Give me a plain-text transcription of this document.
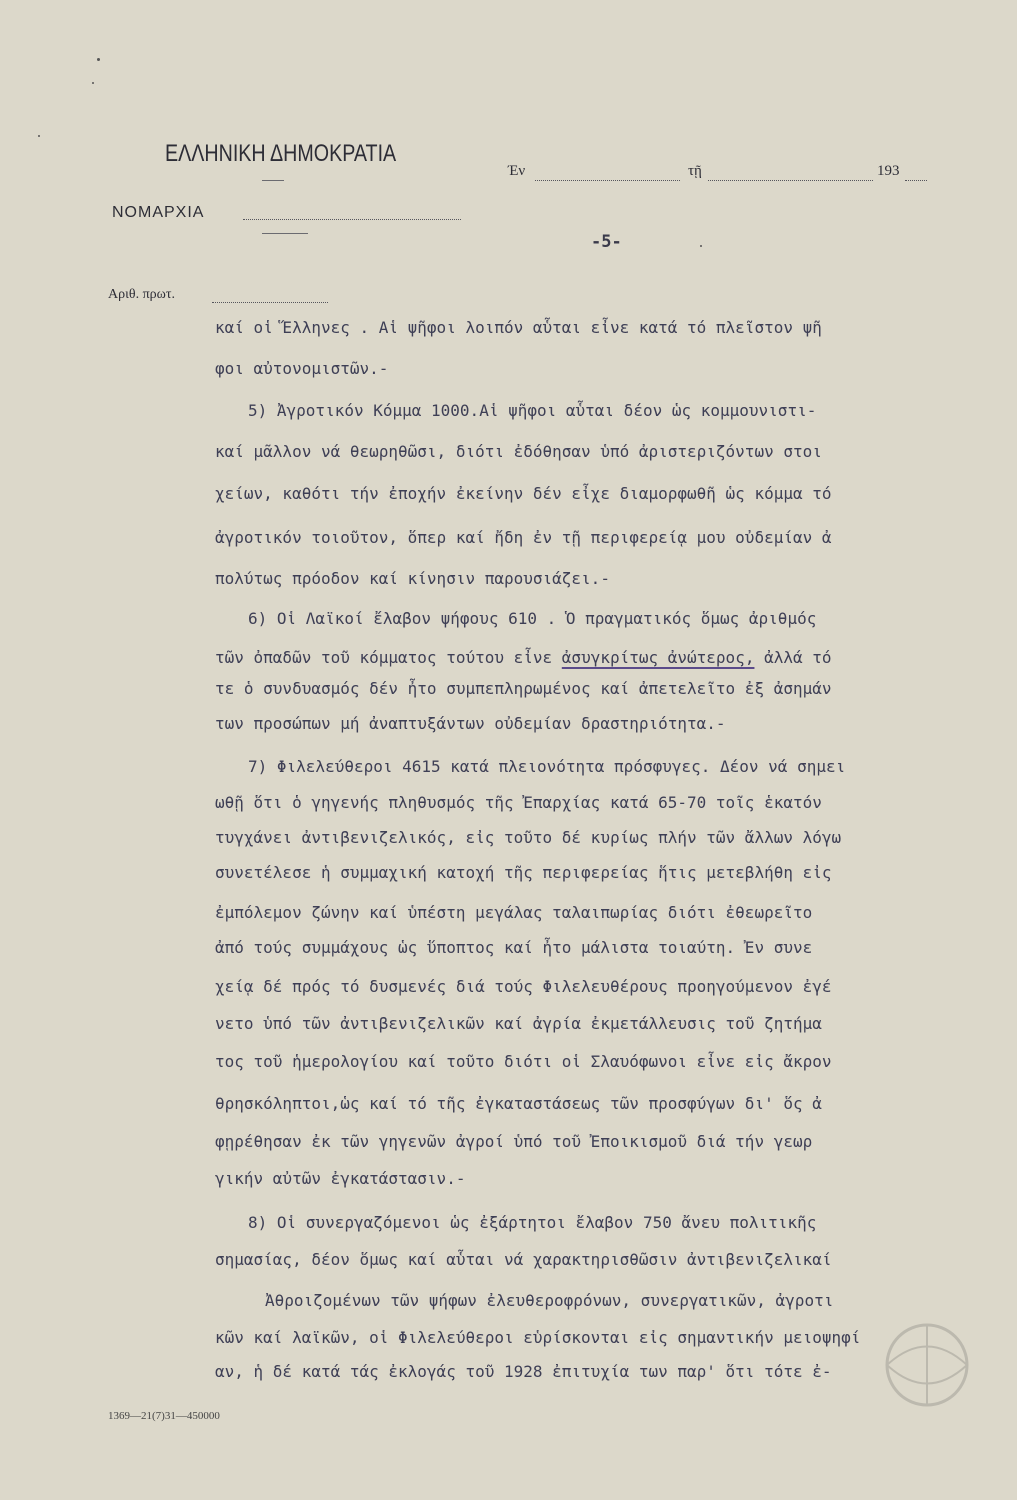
ΕΛΛΗΝΙΚΗ ΔΗΜΟΚΡΑΤΙΑ
Έν	τῇ	193
ΝΟΜΑΡΧΙΑ
-5-
Αριθ. πρωτ.
καί οἱ Ἕλληνες . Αἱ ψῆφοι λοιπόν αὗται εἶνε κατά τό πλεῖστον ψῆ
φοι αὐτονομιστῶν.-
5) Ἀγροτικόν Κόμμα 1000.Αἱ ψῆφοι αὗται δέον ὡς κομμουνιστι-
καί μᾶλλον νά θεωρηθῶσι, διότι ἐδόθησαν ὑπό ἀριστεριζόντων στοι
χείων, καθότι τήν ἐποχήν ἐκείνην δέν εἶχε διαμορφωθῆ ὡς κόμμα τό
ἀγροτικόν τοιοῦτον, ὅπερ καί ἤδη ἐν τῇ περιφερείᾳ μου οὐδεμίαν ἀ
πολύτως πρόοδον καί κίνησιν παρουσιάζει.-
6) Οἱ Λαϊκοί ἔλαβον ψήφους 610 . Ὁ πραγματικός ὅμως ἀριθμός
τῶν ὀπαδῶν τοῦ κόμματος τούτου εἶνε ἀσυγκρίτως ἀνώτερος, ἀλλά τό
τε ὁ συνδυασμός δέν ἦτο συμπεπληρωμένος καί ἀπετελεῖτο ἐξ ἀσημάν
των προσώπων μή ἀναπτυξάντων οὐδεμίαν δραστηριότητα.-
7) Φιλελεύθεροι 4615 κατά πλειονότητα πρόσφυγες. Δέον νά σημει
ωθῇ ὅτι ὁ γηγενής πληθυσμός τῆς Ἐπαρχίας κατά 65-70 τοῖς ἑκατόν
τυγχάνει ἀντιβενιζελικός, εἰς τοῦτο δέ κυρίως πλήν τῶν ἄλλων λόγω
συνετέλεσε ἡ συμμαχική κατοχή τῆς περιφερείας ἥτις μετεβλήθη εἰς
ἐμπόλεμον ζώνην καί ὑπέστη μεγάλας ταλαιπωρίας διότι ἐθεωρεῖτο
ἀπό τούς συμμάχους ὡς ὕποπτος καί ἦτο μάλιστα τοιαύτη. Ἐν συνε
χείᾳ δέ πρός τό δυσμενές διά τούς Φιλελευθέρους προηγούμενον ἐγέ
νετο ὑπό τῶν ἀντιβενιζελικῶν καί ἀγρία ἐκμετάλλευσις τοῦ ζητήμα
τος τοῦ ἡμερολογίου καί τοῦτο διότι οἱ Σλαυόφωνοι εἶνε εἰς ἄκρον
θρησκόληπτοι,ὡς καί τό τῆς ἐγκαταστάσεως τῶν προσφύγων δι' ὅς ἀ
φῃρέθησαν ἐκ τῶν γηγενῶν ἀγροί ὑπό τοῦ Ἐποικισμοῦ διά τήν γεωρ
γικήν αὐτῶν ἐγκατάστασιν.-
8) Οἱ συνεργαζόμενοι ὡς ἐξάρτητοι ἔλαβον 750 ἄνευ πολιτικῆς
σημασίας, δέον ὅμως καί αὗται νά χαρακτηρισθῶσιν ἀντιβενιζελικαί
Ἀθροιζομένων τῶν ψήφων ἐλευθεροφρόνων, συνεργατικῶν, ἀγροτι
κῶν καί λαϊκῶν, οἱ Φιλελεύθεροι εὑρίσκονται εἰς σημαντικήν μειοψηφί
αν, ἡ δέ κατά τάς ἐκλογάς τοῦ 1928 ἐπιτυχία των παρ' ὅτι τότε ἐ-
1369—21(7)31—450000
